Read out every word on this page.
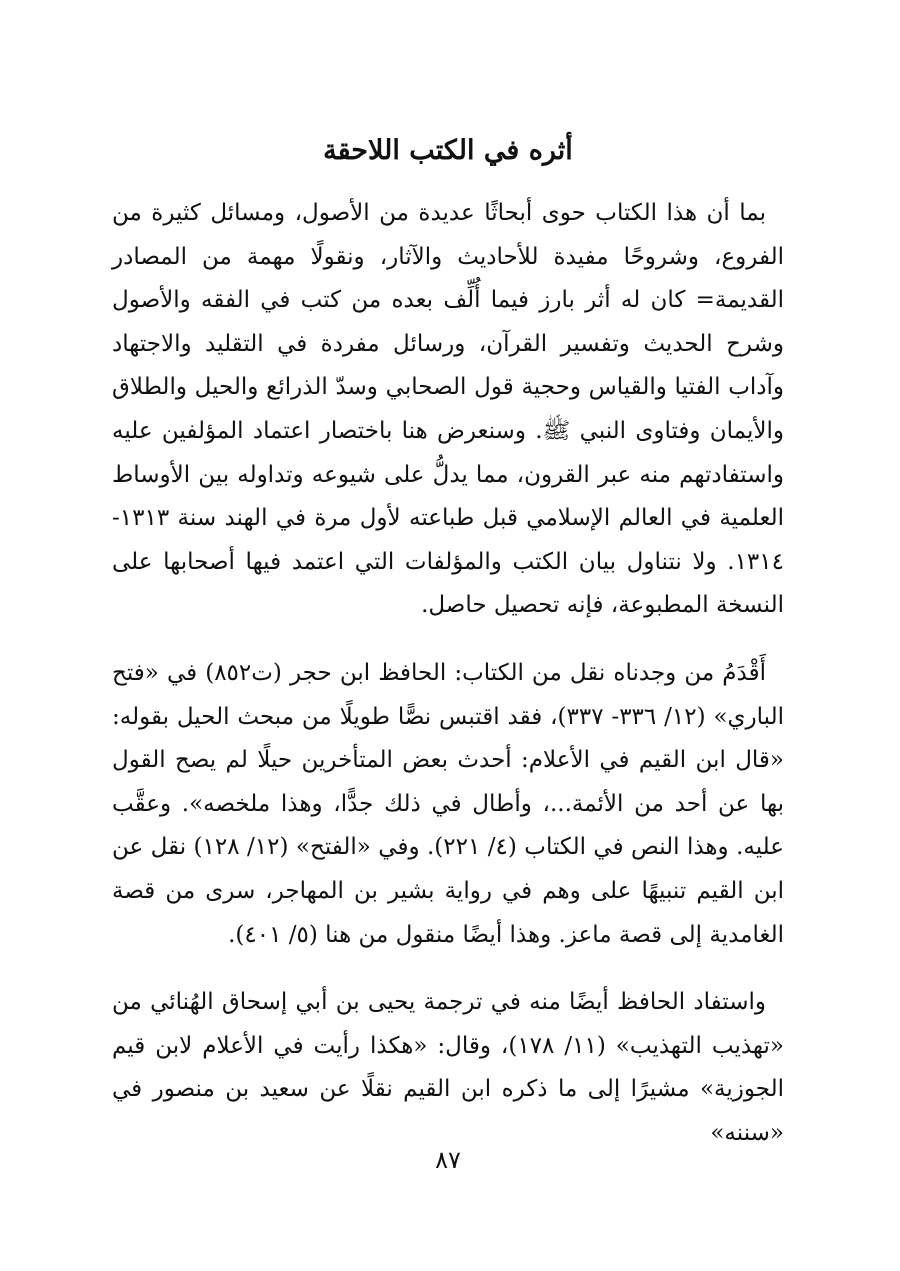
أثره في الكتب اللاحقة

بما أن هذا الكتاب حوى أبحاثًا عديدة من الأصول، ومسائل كثيرة من الفروع، وشروحًا مفيدة للأحاديث والآثار، ونقولًا مهمة من المصادر القديمة= كان له أثر بارز فيما أُلِّف بعده من كتب في الفقه والأصول وشرح الحديث وتفسير القرآن، ورسائل مفردة في التقليد والاجتهاد وآداب الفتيا والقياس وحجية قول الصحابي وسدّ الذرائع والحيل والطلاق والأيمان وفتاوى النبي ﷺ. وسنعرض هنا باختصار اعتماد المؤلفين عليه واستفادتهم منه عبر القرون، مما يدلُّ على شيوعه وتداوله بين الأوساط العلمية في العالم الإسلامي قبل طباعته لأول مرة في الهند سنة ١٣١٣- ١٣١٤. ولا نتناول بيان الكتب والمؤلفات التي اعتمد فيها أصحابها على النسخة المطبوعة، فإنه تحصيل حاصل.

أَقْدَمُ من وجدناه نقل من الكتاب: الحافظ ابن حجر (ت٨٥٢) في «فتح الباري» (١٢/ ٣٣٦- ٣٣٧)، فقد اقتبس نصًّا طويلًا من مبحث الحيل بقوله: «قال ابن القيم في الأعلام: أحدث بعض المتأخرين حيلًا لم يصح القول بها عن أحد من الأئمة...، وأطال في ذلك جدًّا، وهذا ملخصه». وعقَّب عليه. وهذا النص في الكتاب (٤/ ٢٢١). وفي «الفتح» (١٢/ ١٢٨) نقل عن ابن القيم تنبيهًا على وهم في رواية بشير بن المهاجر، سرى من قصة الغامدية إلى قصة ماعز. وهذا أيضًا منقول من هنا (٥/ ٤٠١).

واستفاد الحافظ أيضًا منه في ترجمة يحيى بن أبي إسحاق الهُنائي من «تهذيب التهذيب» (١١/ ١٧٨)، وقال: «هكذا رأيت في الأعلام لابن قيم الجوزية» مشيرًا إلى ما ذكره ابن القيم نقلًا عن سعيد بن منصور في «سننه»

٨٧
